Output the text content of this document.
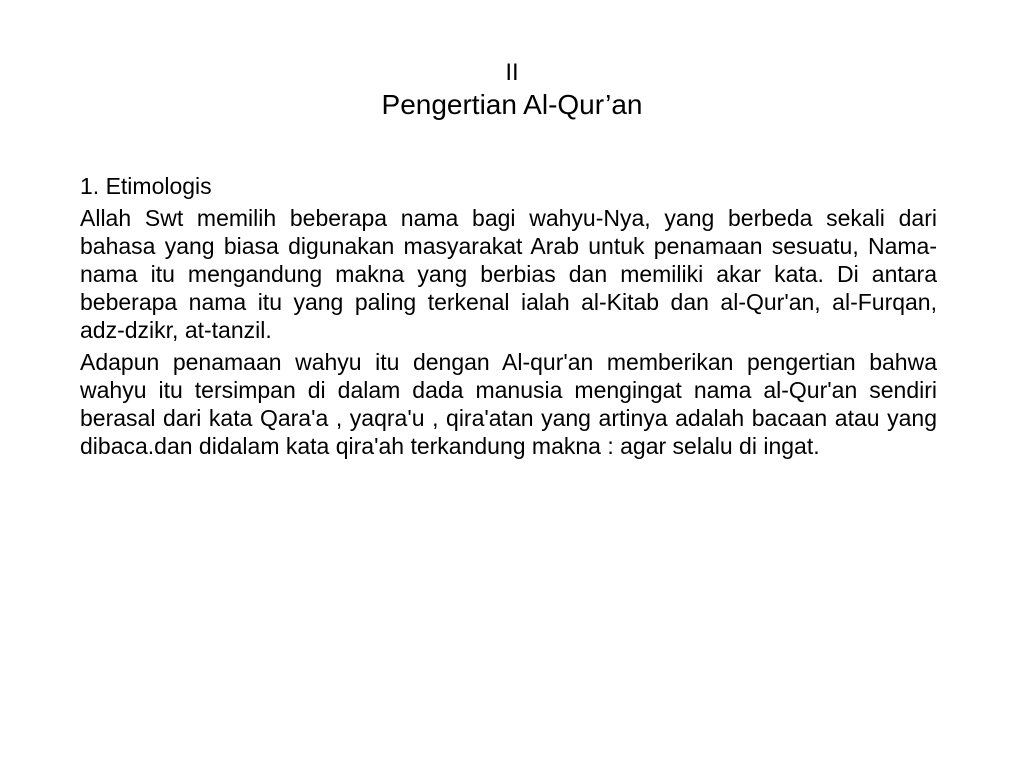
II
Pengertian Al-Qur’an
1. Etimologis
Allah Swt memilih beberapa nama bagi wahyu-Nya, yang berbeda sekali dari bahasa yang biasa digunakan masyarakat Arab untuk penamaan sesuatu, Nama-nama itu mengandung makna yang berbias dan memiliki akar kata. Di antara beberapa nama itu yang paling terkenal ialah al-Kitab dan al-Qur'an, al-Furqan, adz-dzikr, at-tanzil.
Adapun penamaan wahyu itu dengan Al-qur'an memberikan pengertian bahwa wahyu itu tersimpan di dalam dada manusia mengingat nama al-Qur'an sendiri berasal dari kata Qara'a , yaqra'u , qira'atan yang artinya adalah bacaan atau yang dibaca.dan didalam kata qira'ah terkandung makna : agar selalu di ingat.
